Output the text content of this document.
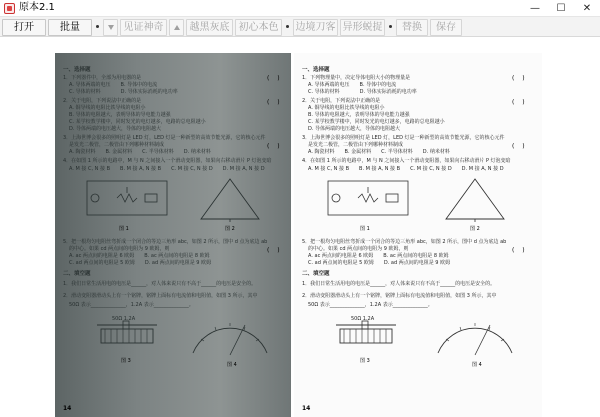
原本2.1	—	☐	✕
打开	批量	见证神奇	越黑灰底 初心本色	边境刀客 异形蜕捉	替换	保存
一、选择题
1．下列器件中，全部为用电器的是	(　 )
A. 导体两端的电压　　B. 导体中的电流
C. 导体的材料　　　　D. 导体实际消耗的电功率
2．关于电阻，下列说法中正确的是	(　 )
A. 铜导线的电阻比铁导线的电阻小
B. 导体的电阻越大，表明导体的导电能力越强
C. 某学校教学楼中，同时发光的电灯越多，电路的总电阻越小
D. 导体两端的电压越大，导体的电阻越大
3．上海世博会很多的照明灯是 LED 灯，LED 灯是一种新型的高效节能光源，它的核心元件
是发光二极管，二极管由下列哪种材料制成	(　 )
A. 陶瓷材料　　B. 金属材料　　C. 半导体材料　　D. 纳米材料
4．在如图 1 所示的电路中，M 与 N 之间接入一个滑动变阻器，如果向右移动滑片 P 灯泡变暗
A. M 接 C, N 接 B　　B. M 接 A, N 接 B　　C. M 接 C, N 接 D　　D. M 接 A, N 接 D
图 1	图 2
5．把一根均匀电阻丝弯折成一个闭合的等边三角形 abc，如图 2 所示，图中 d 点为底边 ab
的中心。如果 cd 两点间的电阻为 9 欧姆，则	(　 )
A. ac 两点间的电阻是 6 欧姆　　B. ac 两点间的电阻是 8 欧姆
C. ad 两点间的电阻是 5 欧姆　　D. ad 两点间的电阻是 9 欧姆
二、填空题
1．我们日常生活用电的电压是______，对人体来说只有不高于______的电压是安全的。
2．滑动变阻器滑动头上有一个铭牌，铭牌上面标有电流值和电阻值，如图 3 所示，其中
50Ω 表示______________，1.2A 表示______________。
50Ω 1.2A
图 3
图 4
14
一、选择题
1．下列物理量中，决定导体电阻大小的物理量是	(　 )
A. 导体两端的电压　　B. 导体中的电流
C. 导体的材料　　　　D. 导体实际消耗的电功率
2．关于电阻，下列说法中正确的是	(　 )
A. 铜导线的电阻比铁导线的电阻小
B. 导体的电阻越大，表明导体的导电能力越强
C. 某学校教学楼中，同时发光的电灯越多，电路的总电阻越小
D. 导体两端的电压越大，导体的电阻越大
3．上海世博会很多的照明灯是 LED 灯，LED 灯是一种新型的高效节能光源，它的核心元件
是发光二极管，二极管由下列哪种材料制成	(　 )
A. 陶瓷材料　　B. 金属材料　　C. 半导体材料　　D. 纳米材料
4．在如图 1 所示的电路中，M 与 N 之间接入一个滑动变阻器，如果向右移动滑片 P 灯泡变暗
A. M 接 C, N 接 B　　B. M 接 A, N 接 B　　C. M 接 C, N 接 D　　D. M 接 A, N 接 D
图 1	图 2
5．把一根均匀电阻丝弯折成一个闭合的等边三角形 abc，如图 2 所示，图中 d 点为底边 ab
的中心。如果 cd 两点间的电阻为 9 欧姆，则	(　 )
A. ac 两点间的电阻是 6 欧姆　　B. ac 两点间的电阻是 8 欧姆
C. ad 两点间的电阻是 5 欧姆　　D. ad 两点间的电阻是 9 欧姆
二、填空题
1．我们日常生活用电的电压是______，对人体来说只有不高于______的电压是安全的。
2．滑动变阻器滑动头上有一个铭牌，铭牌上面标有电流值和电阻值，如图 3 所示，其中
50Ω 表示______________，1.2A 表示______________。
50Ω 1.2A
图 3
图 4
14
